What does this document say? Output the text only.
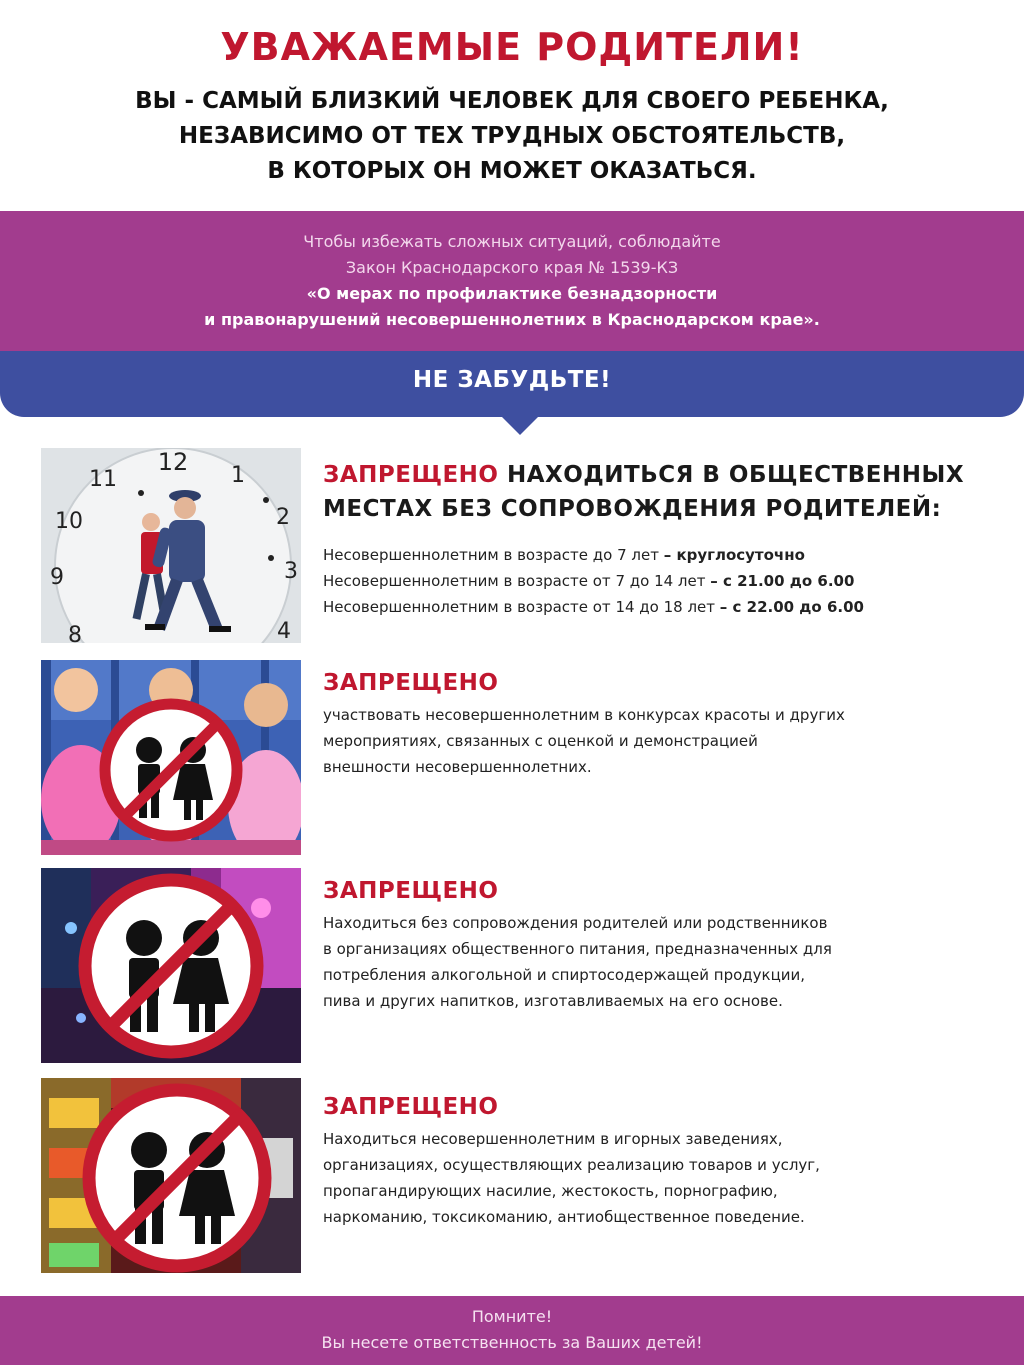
УВАЖАЕМЫЕ РОДИТЕЛИ!
ВЫ - САМЫЙ БЛИЗКИЙ ЧЕЛОВЕК ДЛЯ СВОЕГО РЕБЕНКА,
НЕЗАВИСИМО ОТ ТЕХ ТРУДНЫХ ОБСТОЯТЕЛЬСТВ,
В КОТОРЫХ ОН МОЖЕТ ОКАЗАТЬСЯ.
Чтобы избежать сложных ситуаций, соблюдайте
Закон Краснодарского края № 1539-КЗ
«О мерах по профилактике безнадзорности
и правонарушений несовершеннолетних в Краснодарском крае».
НЕ ЗАБУДЬТЕ!
12 1
2
3
4
8
9
10
11	ЗАПРЕЩЕНО НАХОДИТЬСЯ В ОБЩЕСТВЕННЫХ
МЕСТАХ БЕЗ СОПРОВОЖДЕНИЯ РОДИТЕЛЕЙ:
Несовершеннолетним в возрасте до 7 лет – круглосуточно
Несовершеннолетним в возрасте от 7 до 14 лет – с 21.00 до 6.00
Несовершеннолетним в возрасте от 14 до 18 лет – с 22.00 до 6.00
ЗАПРЕЩЕНО
участвовать несовершеннолетним в конкурсах красоты и других
мероприятиях, связанных с оценкой и демонстрацией
внешности несовершеннолетних.
ЗАПРЕЩЕНО
Находиться без сопровождения родителей или родственников
в организациях общественного питания, предназначенных для
потребления алкогольной и спиртосодержащей продукции,
пива и других напитков, изготавливаемых на его основе.
ЗАПРЕЩЕНО
Находиться несовершеннолетним в игорных заведениях,
организациях, осуществляющих реализацию товаров и услуг,
пропагандирующих насилие, жестокость, порнографию,
наркоманию, токсикоманию, антиобщественное поведение.
Помните!
Вы несете ответственность за Ваших детей!
